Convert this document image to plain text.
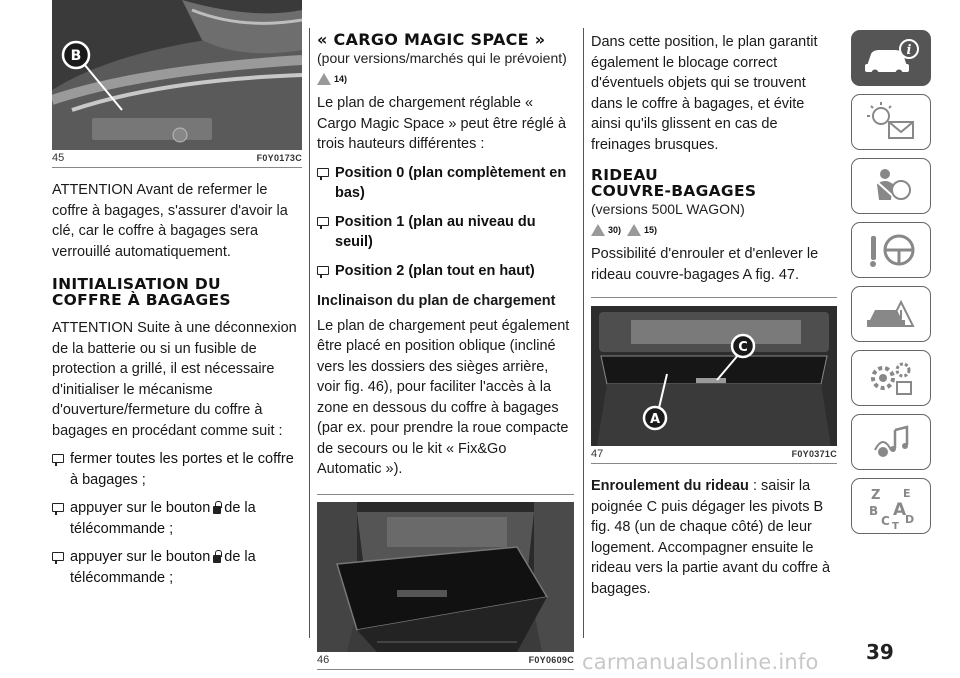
B
45	F0Y0173C

ATTENTION Avant de refermer le coffre à bagages, s'assurer d'avoir la clé, car le coffre à bagages sera verrouillé automatiquement.

INITIALISATION DU
COFFRE À BAGAGES

ATTENTION Suite à une déconnexion de la batterie ou si un fusible de protection a grillé, il est nécessaire d'initialiser le mécanisme d'ouverture/fermeture du coffre à bagages en procédant comme suit :

fermer toutes les portes et le coffre à bagages ;
appuyer sur le bouton de la télécommande ;
appuyer sur le bouton de la télécommande ;
« CARGO MAGIC SPACE »

(pour versions/marchés qui le prévoient)

14)

Le plan de chargement réglable « Cargo Magic Space » peut être réglé à trois hauteurs différentes :

Position 0 (plan complètement en bas)
Position 1 (plan au niveau du seuil)
Position 2 (plan tout en haut)

Inclinaison du plan de chargement

Le plan de chargement peut également être placé en position oblique (incliné vers les dossiers des sièges arrière, voir fig. 46), pour faciliter l'accès à la zone en dessous du coffre à bagages (par ex. pour prendre la roue compacte de secours ou le kit « Fix&Go Automatic »).

46	F0Y0609C

Dans cette position, le plan garantit également le blocage correct d'éventuels objets qui se trouvent dans le coffre à bagages, et évite ainsi qu'ils glissent en cas de freinages brusques.

RIDEAU
COUVRE-BAGAGES

(versions 500L WAGON)

30)	15)

Possibilité d'enrouler et d'enlever le rideau couvre-bagages A fig. 47.

C
A
47	F0Y0371C

Enroulement du rideau : saisir la poignée C puis dégager les pivots B fig. 48 (un de chaque côté) de leur logement. Accompagner ensuite le rideau vers la partie avant du coffre à bagages.

i
Z E
B A
C D
T
39
carmanualsonline.info
